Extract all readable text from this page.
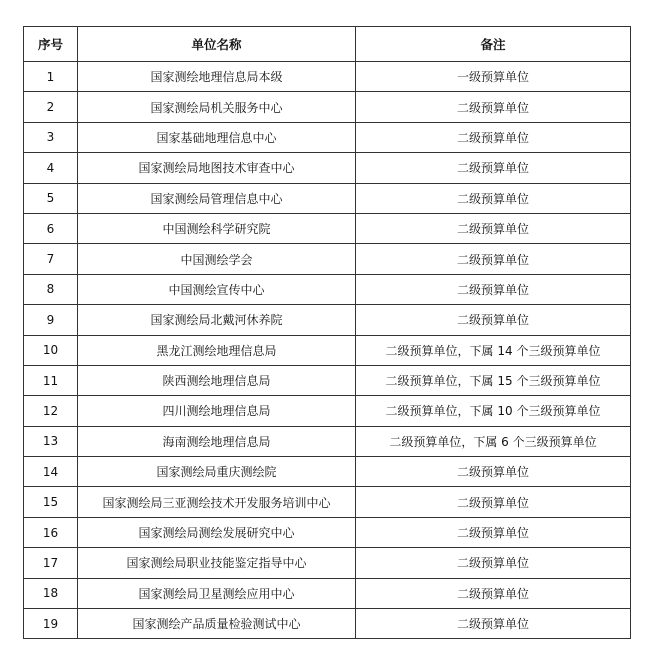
序号	单位名称	备注
1	国家测绘地理信息局本级	一级预算单位
2	国家测绘局机关服务中心	二级预算单位
3	国家基础地理信息中心	二级预算单位
4	国家测绘局地图技术审查中心	二级预算单位
5	国家测绘局管理信息中心	二级预算单位
6	中国测绘科学研究院	二级预算单位
7	中国测绘学会	二级预算单位
8	中国测绘宣传中心	二级预算单位
9	国家测绘局北戴河休养院	二级预算单位
10	黑龙江测绘地理信息局	二级预算单位，下属 14 个三级预算单位
11	陕西测绘地理信息局	二级预算单位，下属 15 个三级预算单位
12	四川测绘地理信息局	二级预算单位，下属 10 个三级预算单位
13	海南测绘地理信息局	二级预算单位，下属 6 个三级预算单位
14	国家测绘局重庆测绘院	二级预算单位
15	国家测绘局三亚测绘技术开发服务培训中心	二级预算单位
16	国家测绘局测绘发展研究中心	二级预算单位
17	国家测绘局职业技能鉴定指导中心	二级预算单位
18	国家测绘局卫星测绘应用中心	二级预算单位
19	国家测绘产品质量检验测试中心	二级预算单位
